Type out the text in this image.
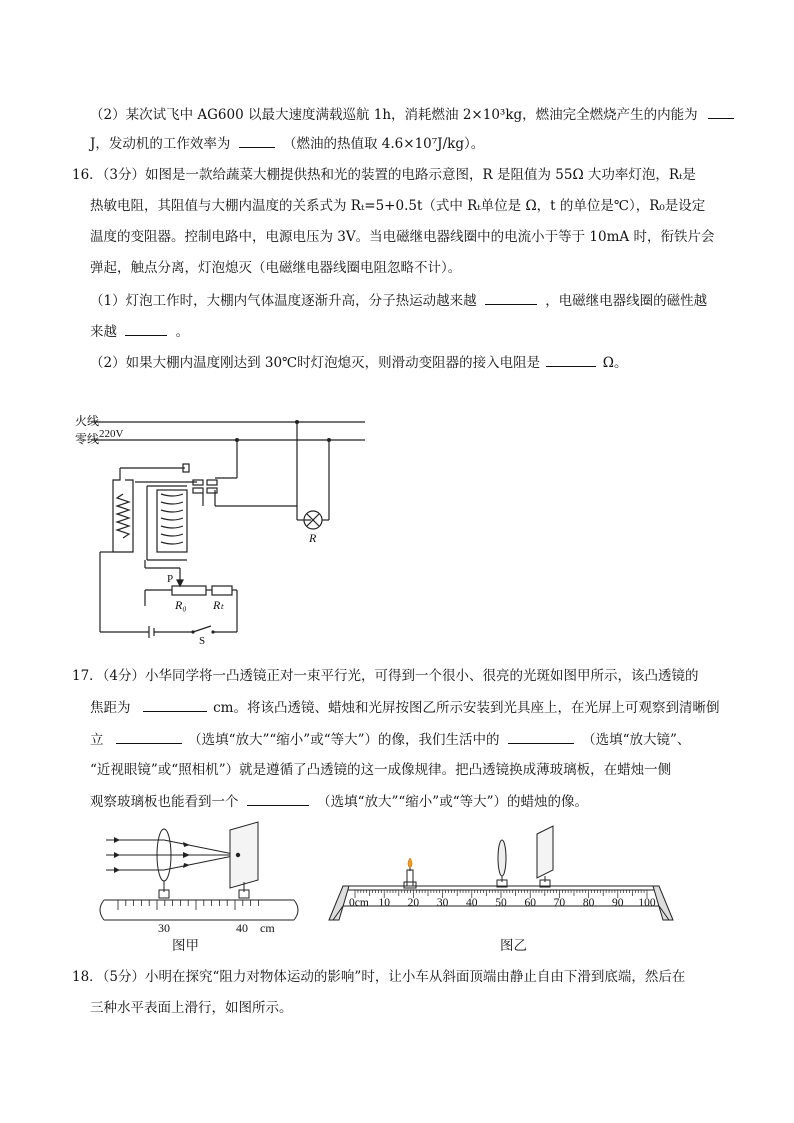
（2）某次试飞中 AG600 以最大速度满载巡航 1h，消耗燃油 2×10³kg，燃油完全燃烧产生的内能为
J，发动机的工作效率为	（燃油的热值取 4.6×10⁷J/kg）。
16．（3分）如图是一款给蔬菜大棚提供热和光的装置的电路示意图，R 是阻值为 55Ω 大功率灯泡，Rₜ是
热敏电阻，其阻值与大棚内温度的关系式为 Rₜ=5+0.5t（式中 Rₜ单位是 Ω，t 的单位是℃），R₀是设定
温度的变阻器。控制电路中，电源电压为 3V。当电磁继电器线圈中的电流小于等于 10mA 时，衔铁片会
弹起，触点分离，灯泡熄灭（电磁继电器线圈电阻忽略不计）。
（1）灯泡工作时，大棚内气体温度逐渐升高，分子热运动越来越	，电磁继电器线圈的磁性越
来越	。
（2）如果大棚内温度刚达到 30℃时灯泡熄灭，则滑动变阻器的接入电阻是	Ω。
火线
零线 220V
R
P
R₀ Rₜ
S
17．（4分）小华同学将一凸透镜正对一束平行光，可得到一个很小、很亮的光斑如图甲所示，该凸透镜的
焦距为	cm。将该凸透镜、蜡烛和光屏按图乙所示安装到光具座上，在光屏上可观察到清晰倒
立	（选填“放大”“缩小”或“等大”）的像，我们生活中的	（选填“放大镜”、
“近视眼镜”或“照相机”）就是遵循了凸透镜的这一成像规律。把凸透镜换成薄玻璃板，在蜡烛一侧
观察玻璃板也能看到一个	（选填“放大”“缩小”或“等大”）的蜡烛的像。
30	40 cm
图甲
0cm 10 20 30 40 50 60 70 80 90 100
图乙
18．（5分）小明在探究“阻力对物体运动的影响”时，让小车从斜面顶端由静止自由下滑到底端，然后在
三种水平表面上滑行，如图所示。
